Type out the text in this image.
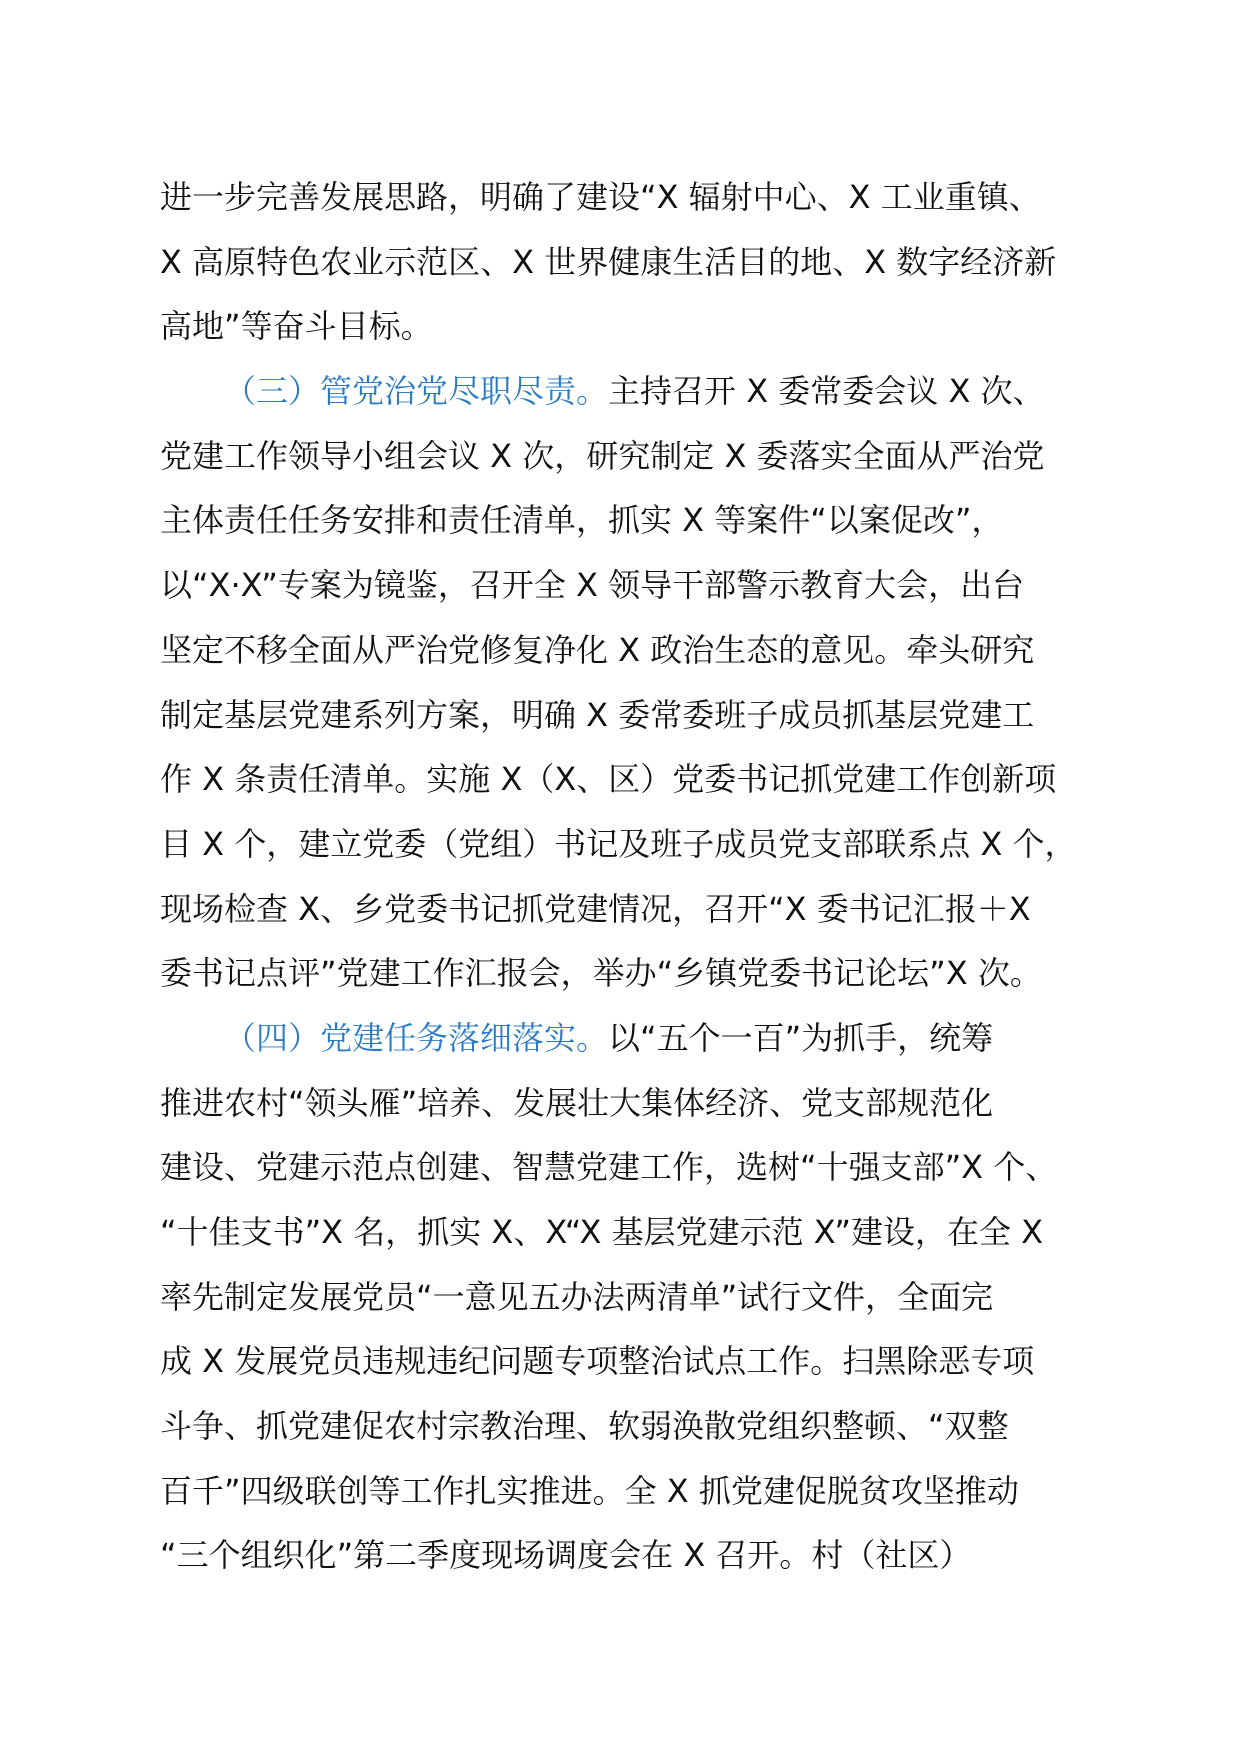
进一步完善发展思路，明确了建设“X 辐射中心、X 工业重镇、
X 高原特色农业示范区、X 世界健康生活目的地、X 数字经济新
高地”等奋斗目标。
（三）管党治党尽职尽责。主持召开 X 委常委会议 X 次、
党建工作领导小组会议 X 次，研究制定 X 委落实全面从严治党
主体责任任务安排和责任清单，抓实 X 等案件“以案促改”，
以“X·X”专案为镜鉴，召开全 X 领导干部警示教育大会，出台
坚定不移全面从严治党修复净化 X 政治生态的意见。牵头研究
制定基层党建系列方案，明确 X 委常委班子成员抓基层党建工
作 X 条责任清单。实施 X（X、区）党委书记抓党建工作创新项
目 X 个，建立党委（党组）书记及班子成员党支部联系点 X 个，
现场检查 X、乡党委书记抓党建情况，召开“X 委书记汇报＋X
委书记点评”党建工作汇报会，举办“乡镇党委书记论坛”X 次。
（四）党建任务落细落实。以“五个一百”为抓手，统筹
推进农村“领头雁”培养、发展壮大集体经济、党支部规范化
建设、党建示范点创建、智慧党建工作，选树“十强支部”X 个、
“十佳支书”X 名，抓实 X、X“X 基层党建示范 X”建设，在全 X
率先制定发展党员“一意见五办法两清单”试行文件，全面完
成 X 发展党员违规违纪问题专项整治试点工作。扫黑除恶专项
斗争、抓党建促农村宗教治理、软弱涣散党组织整顿、“双整
百千”四级联创等工作扎实推进。全 X 抓党建促脱贫攻坚推动
“三个组织化”第二季度现场调度会在 X 召开。村（社区）
